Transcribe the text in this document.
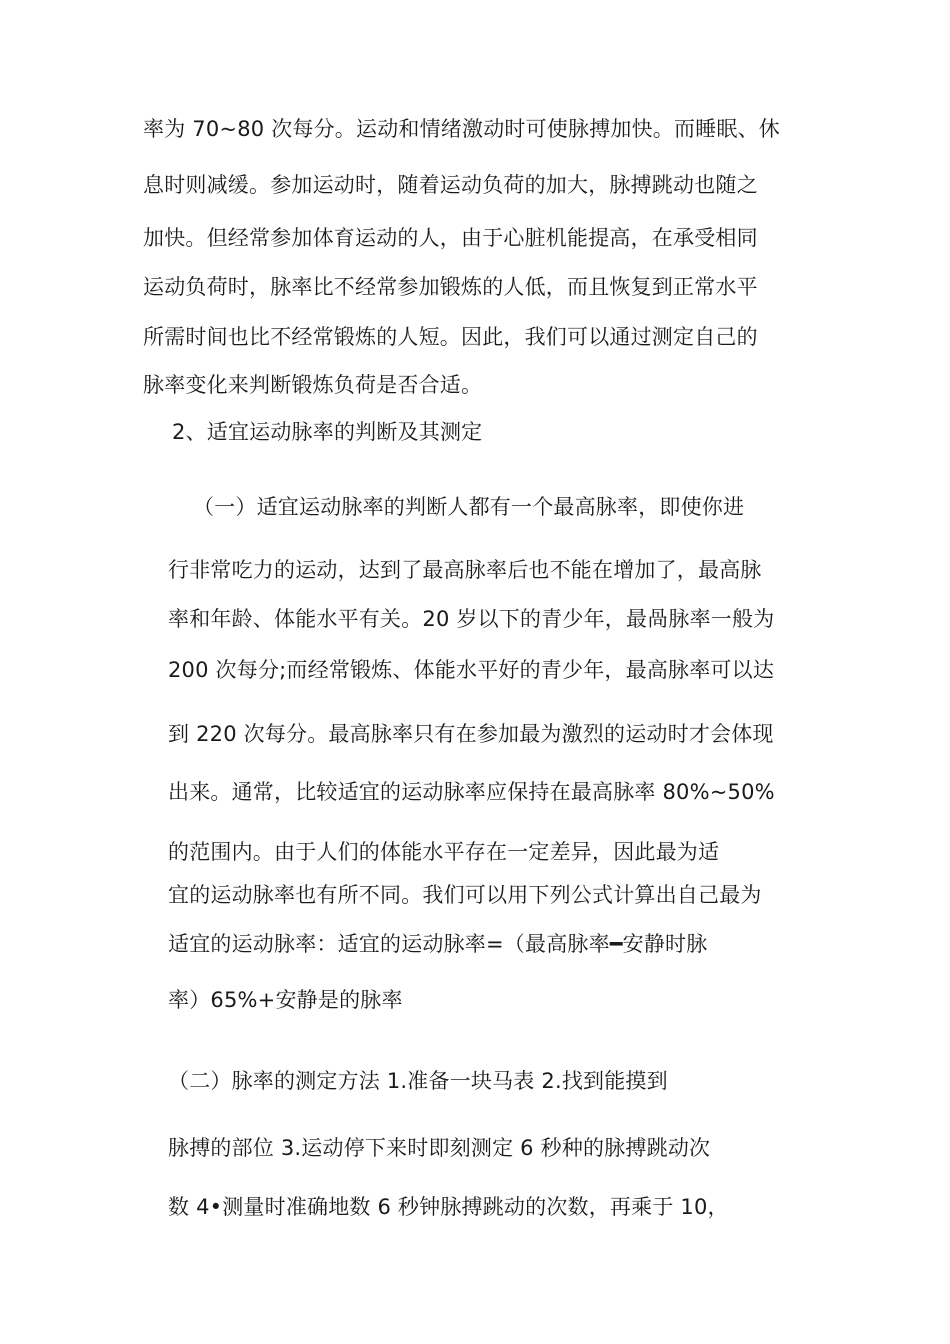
率为 70~80 次每分。运动和情绪激动时可使脉搏加快。而睡眠、休
息时则减缓。参加运动时，随着运动负荷的加大，脉搏跳动也随之
加快。但经常参加体育运动的人，由于心脏机能提高，在承受相同
运动负荷时，脉率比不经常参加锻炼的人低，而且恢复到正常水平
所需时间也比不经常锻炼的人短。因此，我们可以通过测定自己的
脉率变化来判断锻炼负荷是否合适。
2、适宜运动脉率的判断及其测定
（一）适宜运动脉率的判断人都有一个最高脉率，即使你进
行非常吃力的运动，达到了最高脉率后也不能在增加了，最高脉
率和年龄、体能水平有关。20 岁以下的青少年，最咼脉率一般为
200 次每分;而经常锻炼、体能水平好的青少年，最高脉率可以达
到 220 次每分。最高脉率只有在参加最为激烈的运动时才会体现
出来。通常，比较适宜的运动脉率应保持在最高脉率 80%~50%
的范围内。由于人们的体能水平存在一定差异，因此最为适
宜的运动脉率也有所不同。我们可以用下列公式计算出自己最为
适宜的运动脉率：适宜的运动脉率=（最高脉率━安静时脉
率）65%+安静是的脉率
（二）脉率的测定方法 1.准备一块马表 2.找到能摸到
脉搏的部位 3.运动停下来时即刻测定 6 秒种的脉搏跳动次
数 4•测量时准确地数 6 秒钟脉搏跳动的次数，再乘于 10，
